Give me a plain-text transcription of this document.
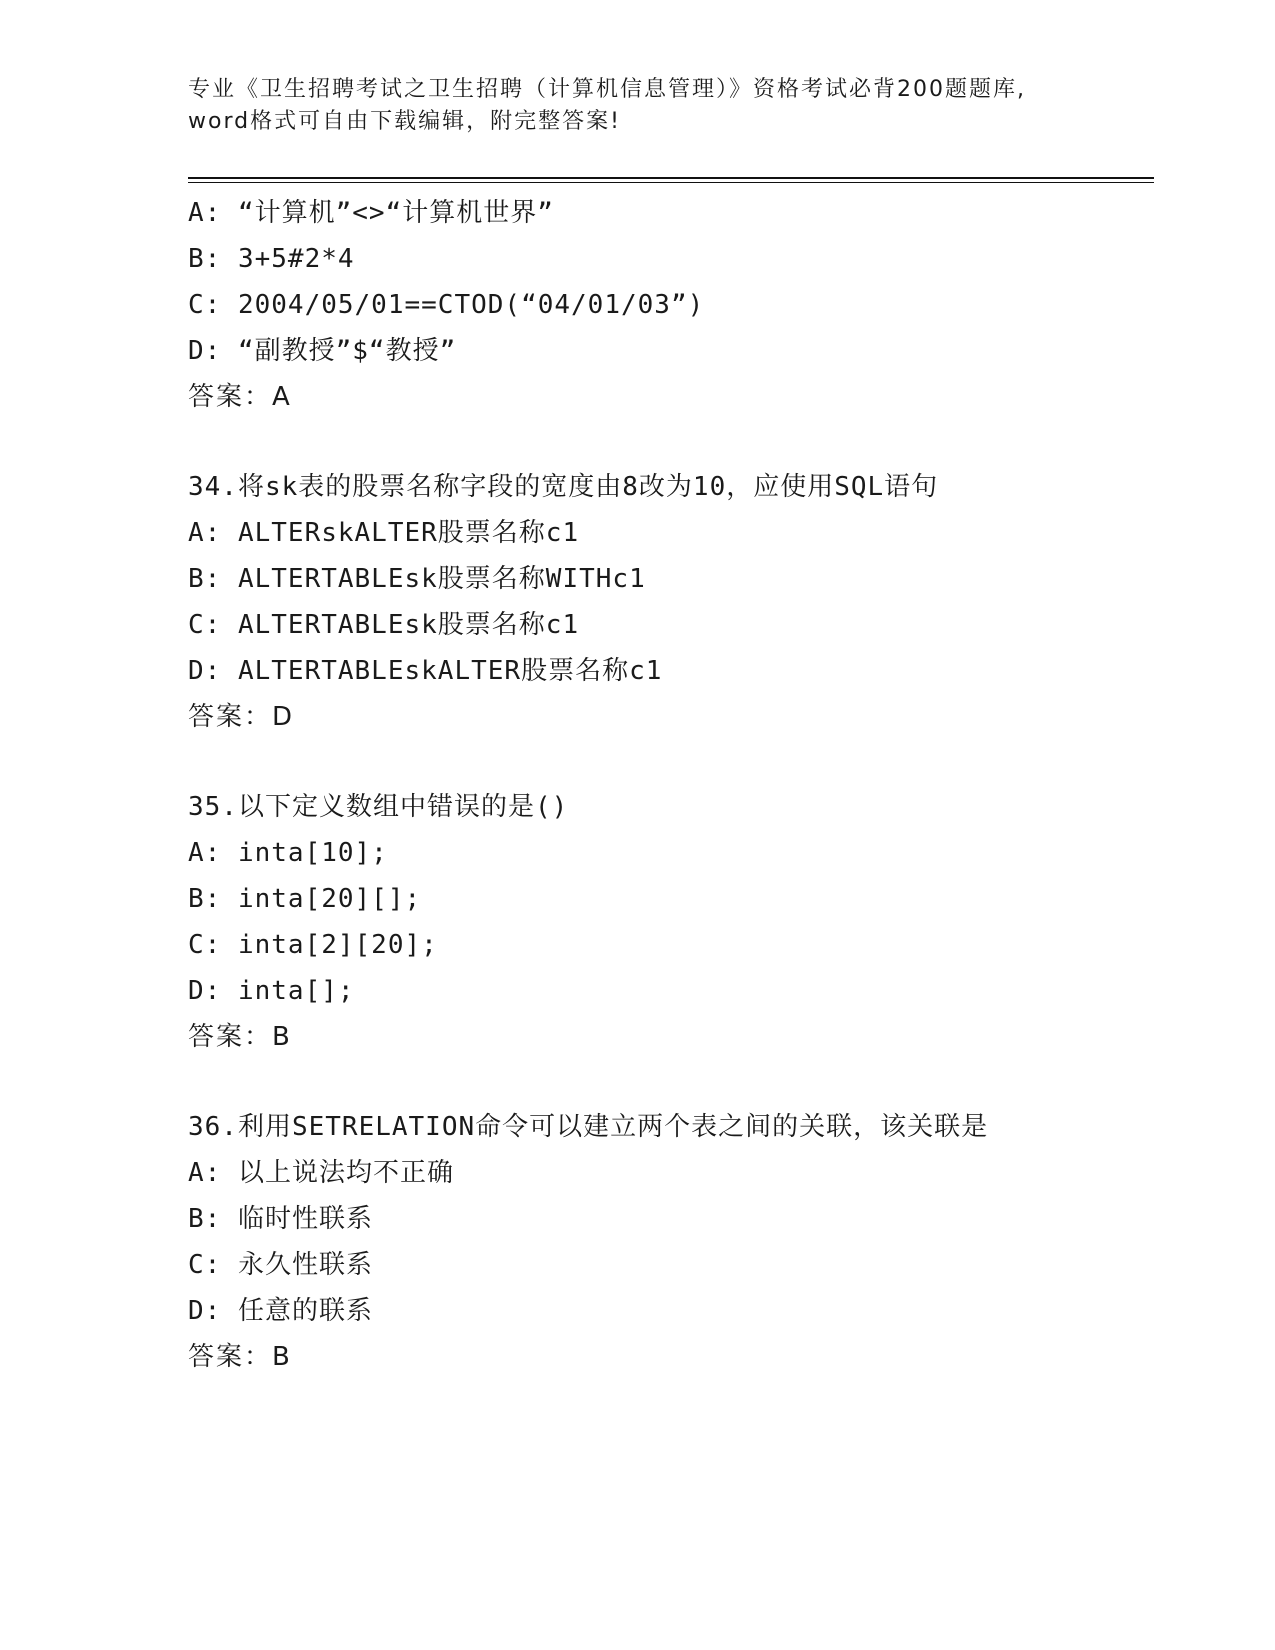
专业《卫生招聘考试之卫生招聘（计算机信息管理）》资格考试必背200题题库,
word格式可自由下载编辑，附完整答案!
A: “计算机”<>“计算机世界”
B: 3+5#2*4
C: 2004/05/01==CTOD(“04/01/03”)
D: “副教授”$“教授”
答案：A
34.将sk表的股票名称字段的宽度由8改为10，应使用SQL语句
A: ALTERskALTER股票名称c1
B: ALTERTABLEsk股票名称WITHc1
C: ALTERTABLEsk股票名称c1
D: ALTERTABLEskALTER股票名称c1
答案：D
35.以下定义数组中错误的是()
A: inta[10];
B: inta[20][];
C: inta[2][20];
D: inta[];
答案：B
36.利用SETRELATION命令可以建立两个表之间的关联，该关联是
A: 以上说法均不正确
B: 临时性联系
C: 永久性联系
D: 任意的联系
答案：B
